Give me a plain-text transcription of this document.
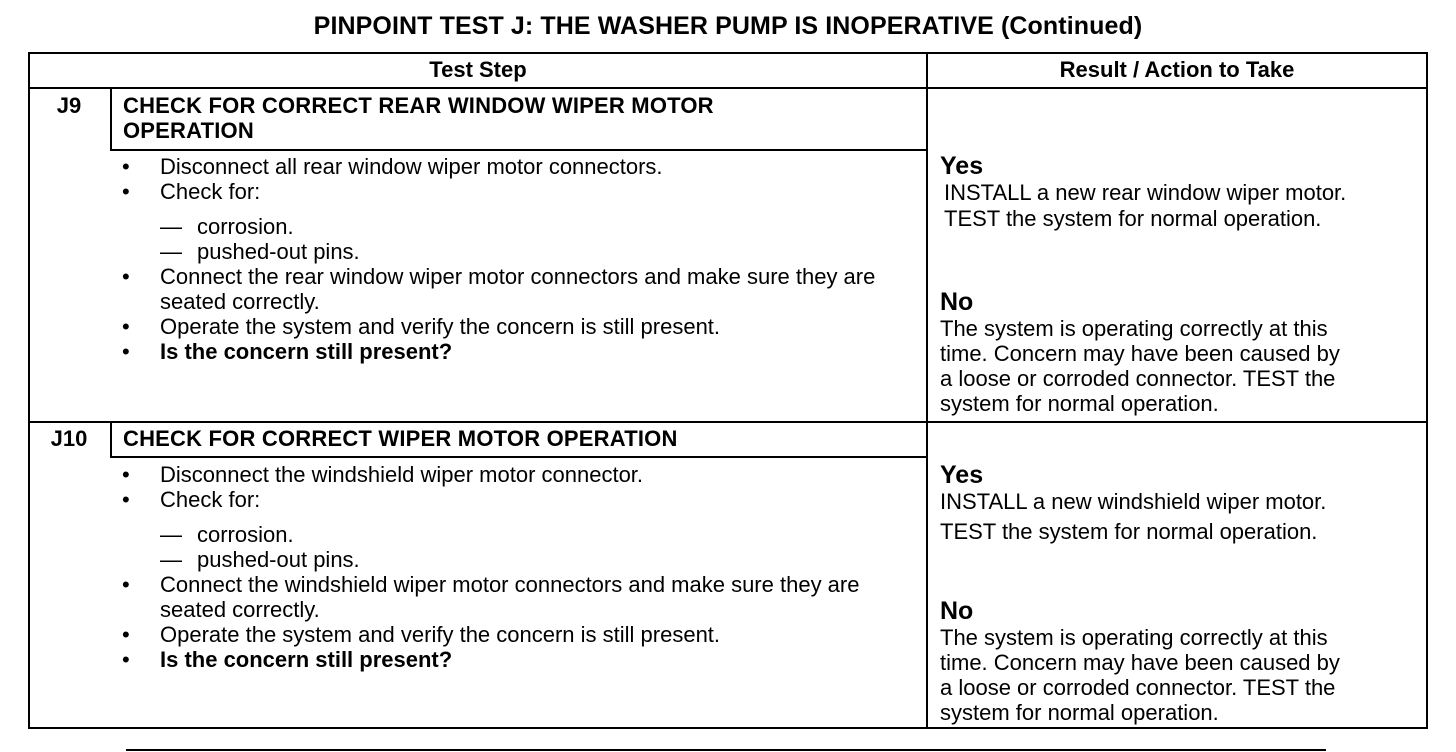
PINPOINT TEST J: THE WASHER PUMP IS INOPERATIVE (Continued)
Test Step	Result / Action to Take
J9	CHECK FOR CORRECT REAR WINDOW WIPER MOTOR
OPERATION
•	Disconnect all rear window wiper motor connectors.
•	Check for:
— corrosion.
— pushed-out pins.
•	Connect the rear window wiper motor connectors and make sure they are seated correctly.
•	Operate the system and verify the concern is still present.
•	Is the concern still present?
Yes
INSTALL a new rear window wiper motor.
TEST the system for normal operation.
No
The system is operating correctly at this
time. Concern may have been caused by
a loose or corroded connector. TEST the
system for normal operation.
J10	CHECK FOR CORRECT WIPER MOTOR OPERATION
•	Disconnect the windshield wiper motor connector.
•	Check for:
— corrosion.
— pushed-out pins.
•	Connect the windshield wiper motor connectors and make sure they are seated correctly.
•	Operate the system and verify the concern is still present.
•	Is the concern still present?
Yes
INSTALL a new windshield wiper motor.
TEST the system for normal operation.
No
The system is operating correctly at this
time. Concern may have been caused by
a loose or corroded connector. TEST the
system for normal operation.
